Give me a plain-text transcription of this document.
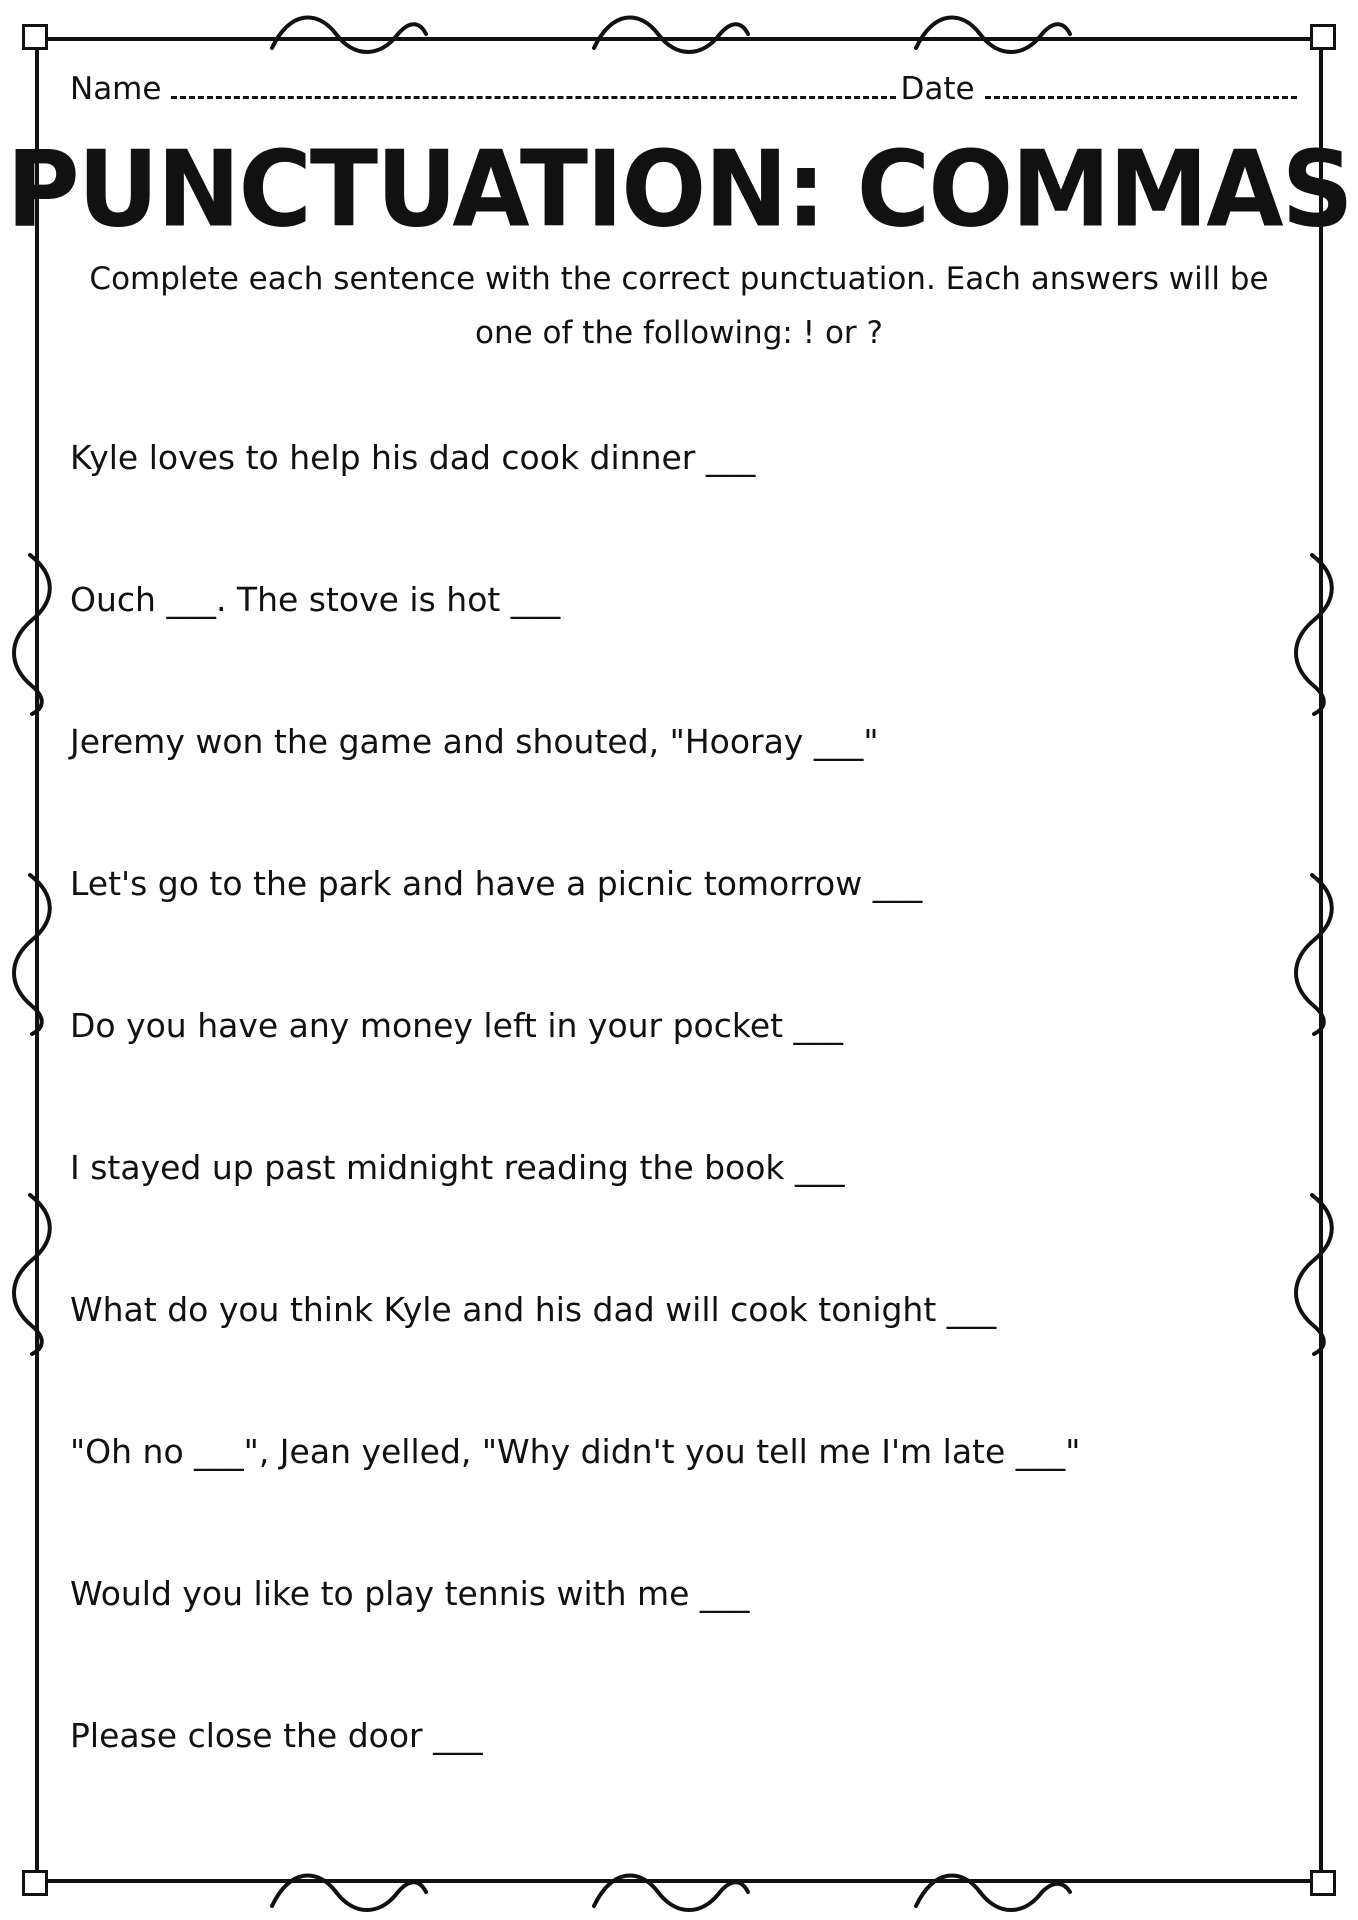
Name	Date
PUNCTUATION: COMMAS
Complete each sentence with the correct punctuation. Each answers will be one of the following: ! or ?
Kyle loves to help his dad cook dinner ___
Ouch ___. The stove is hot ___
Jeremy won the game and shouted, "Hooray ___"
Let's go to the park and have a picnic tomorrow ___
Do you have any money left in your pocket ___
I stayed up past midnight reading the book ___
What do you think Kyle and his dad will cook tonight ___
"Oh no ___", Jean yelled, "Why didn't you tell me I'm late ___"
Would you like to play tennis with me ___
Please close the door ___
